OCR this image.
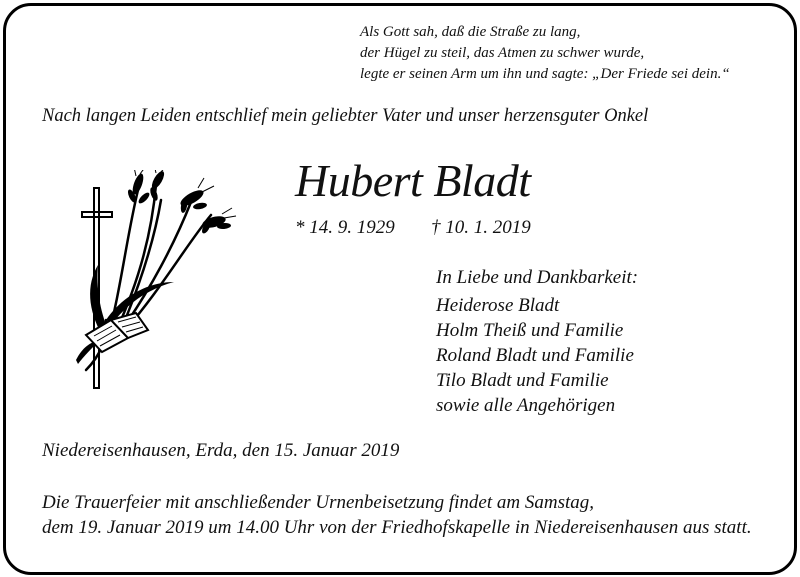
Als Gott sah, daß die Straße zu lang,
der Hügel zu steil, das Atmen zu schwer wurde,
legte er seinen Arm um ihn und sagte: „Der Friede sei dein.“
Nach langen Leiden entschlief mein geliebter Vater und unser herzensguter Onkel
Hubert Bladt
* 14. 9. 1929 † 10. 1. 2019
In Liebe und Dankbarkeit:
Heiderose Bladt
Holm Theiß und Familie
Roland Bladt und Familie
Tilo Bladt und Familie
sowie alle Angehörigen
Niedereisenhausen, Erda, den 15. Januar 2019
Die Trauerfeier mit anschließender Urnenbeisetzung findet am Samstag,
dem 19. Januar 2019 um 14.00 Uhr von der Friedhofskapelle in Niedereisenhausen aus statt.
